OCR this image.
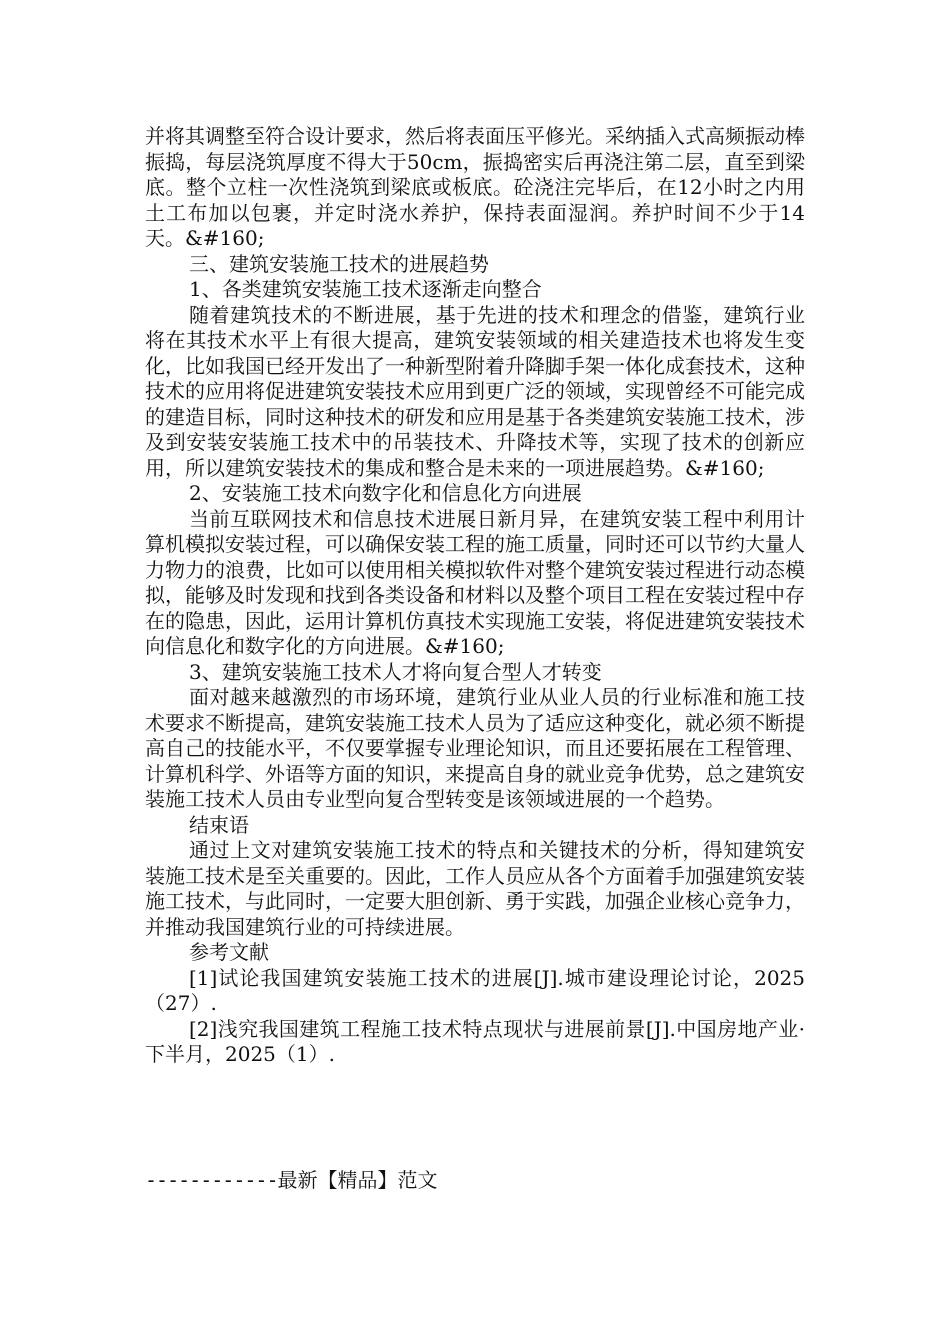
并将其调整至符合设计要求，然后将表面压平修光。采纳插入式高频振动棒振捣，每层浇筑厚度不得大于50cm，振捣密实后再浇注第二层，直至到梁底。整个立柱一次性浇筑到梁底或板底。砼浇注完毕后，在12小时之内用土工布加以包裹，并定时浇水养护，保持表面湿润。养护时间不少于14天。&#160;

三、建筑安装施工技术的进展趋势

1、各类建筑安装施工技术逐渐走向整合

随着建筑技术的不断进展，基于先进的技术和理念的借鉴，建筑行业将在其技术水平上有很大提高，建筑安装领域的相关建造技术也将发生变化，比如我国已经开发出了一种新型附着升降脚手架一体化成套技术，这种技术的应用将促进建筑安装技术应用到更广泛的领域，实现曾经不可能完成的建造目标，同时这种技术的研发和应用是基于各类建筑安装施工技术，涉及到安装安装施工技术中的吊装技术、升降技术等，实现了技术的创新应用，所以建筑安装技术的集成和整合是未来的一项进展趋势。&#160;

2、安装施工技术向数字化和信息化方向进展

当前互联网技术和信息技术进展日新月异，在建筑安装工程中利用计算机模拟安装过程，可以确保安装工程的施工质量，同时还可以节约大量人力物力的浪费，比如可以使用相关模拟软件对整个建筑安装过程进行动态模拟，能够及时发现和找到各类设备和材料以及整个项目工程在安装过程中存在的隐患，因此，运用计算机仿真技术实现施工安装，将促进建筑安装技术向信息化和数字化的方向进展。&#160;

3、建筑安装施工技术人才将向复合型人才转变

面对越来越激烈的市场环境，建筑行业从业人员的行业标准和施工技术要求不断提高，建筑安装施工技术人员为了适应这种变化，就必须不断提高自己的技能水平，不仅要掌握专业理论知识，而且还要拓展在工程管理、计算机科学、外语等方面的知识，来提高自身的就业竞争优势，总之建筑安装施工技术人员由专业型向复合型转变是该领域进展的一个趋势。

结束语

通过上文对建筑安装施工技术的特点和关键技术的分析，得知建筑安装施工技术是至关重要的。因此，工作人员应从各个方面着手加强建筑安装施工技术，与此同时，一定要大胆创新、勇于实践，加强企业核心竞争力，并推动我国建筑行业的可持续进展。

参考文献

[1]试论我国建筑安装施工技术的进展[J].城市建设理论讨论，2025（27）.

[2]浅究我国建筑工程施工技术特点现状与进展前景[J].中国房地产业·下半月，2025（1）.

------------最新【精品】范文
